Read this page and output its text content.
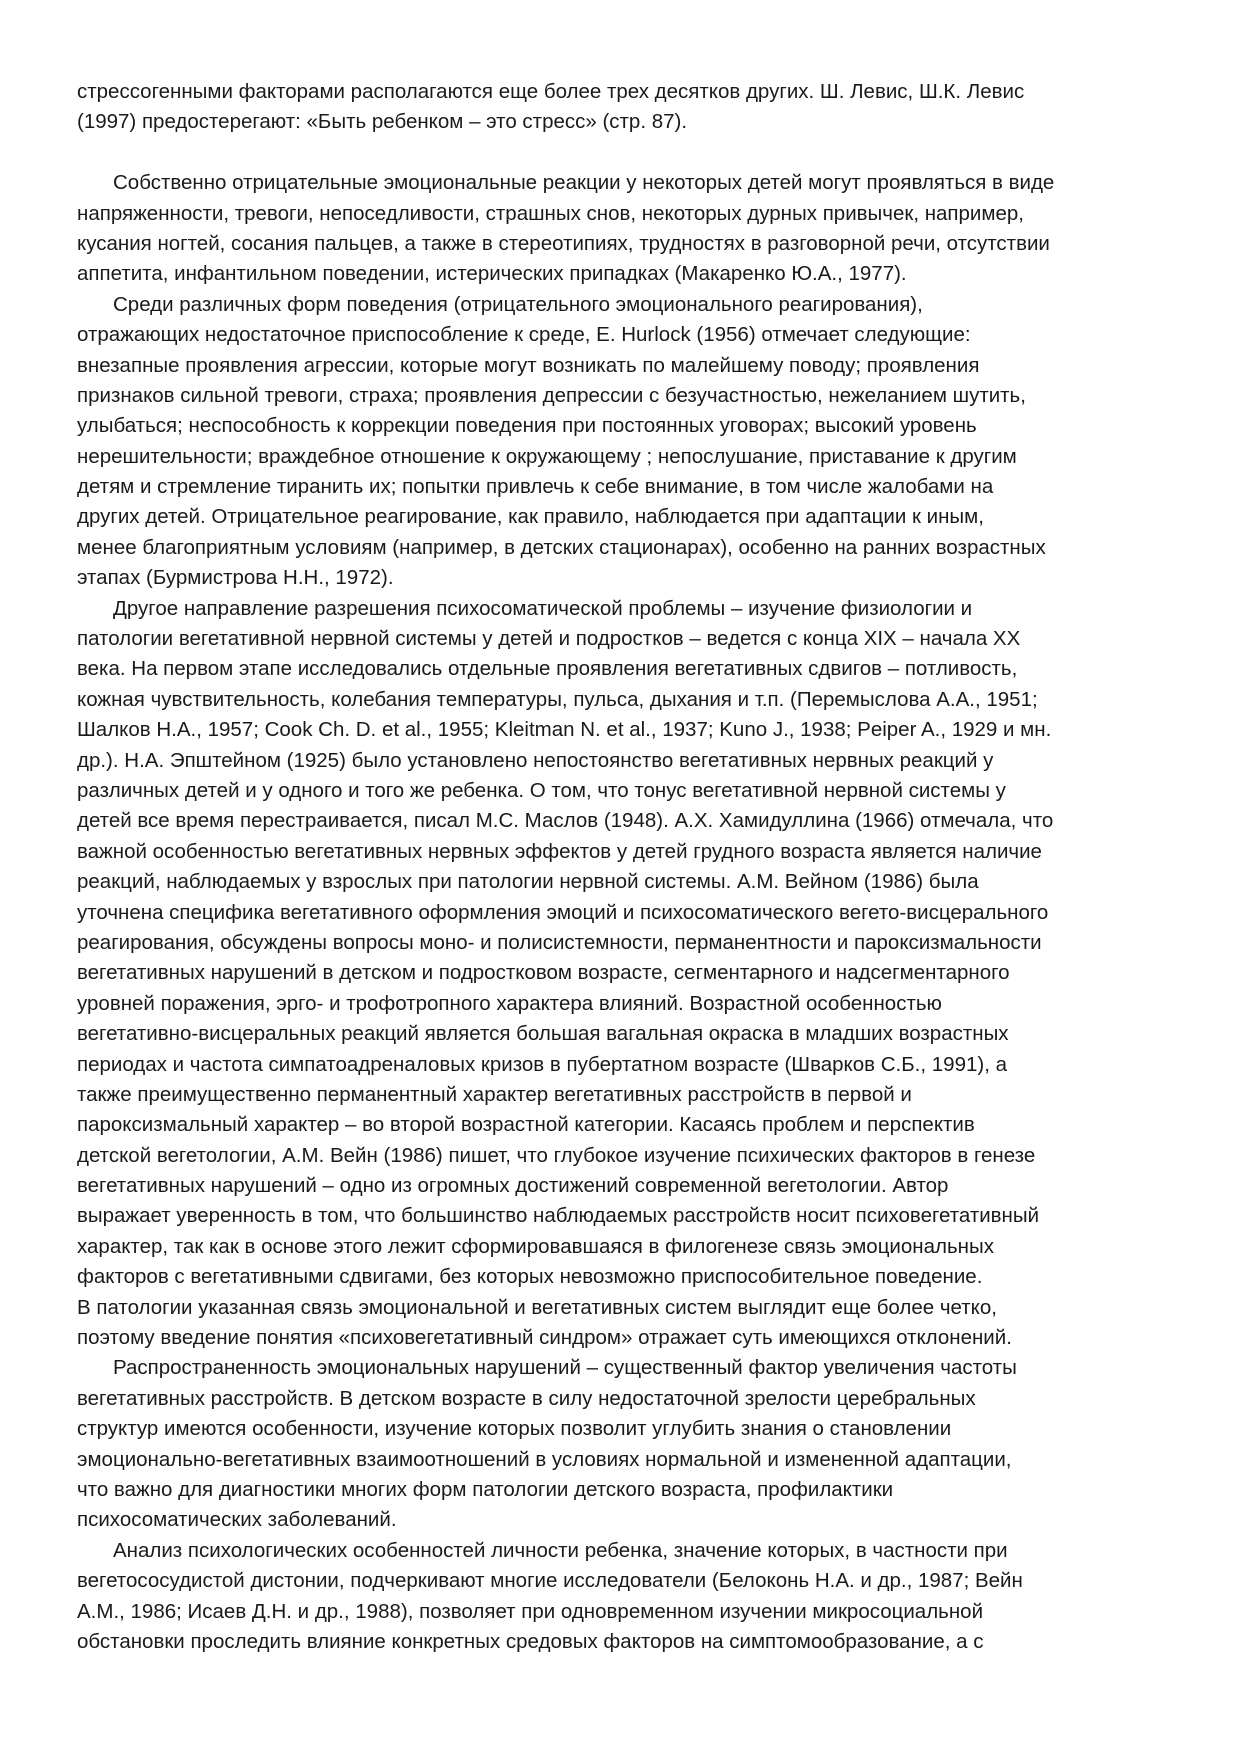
стрессогенными факторами располагаются еще более трех десятков других. Ш. Левис, Ш.К. Левис
(1997) предостерегают: «Быть ребенком – это стресс» (стр. 87).
Собственно отрицательные эмоциональные реакции у некоторых детей могут проявляться в виде
напряженности, тревоги, непоседливости, страшных снов, некоторых дурных привычек, например,
кусания ногтей, сосания пальцев, а также в стереотипиях, трудностях в разговорной речи, отсутствии
аппетита, инфантильном поведении, истерических припадках (Макаренко Ю.А., 1977).
Среди различных форм поведения (отрицательного эмоционального реагирования),
отражающих недостаточное приспособление к среде, E. Hurlock (1956) отмечает следующие:
внезапные проявления агрессии, которые могут возникать по малейшему поводу; проявления
признаков сильной тревоги, страха; проявления депрессии с безучастностью, нежеланием шутить,
улыбаться; неспособность к коррекции поведения при постоянных уговорах; высокий уровень
нерешительности; враждебное отношение к окружающему ; непослушание, приставание к другим
детям и стремление тиранить их; попытки привлечь к себе внимание, в том числе жалобами на
других детей. Отрицательное реагирование, как правило, наблюдается при адаптации к иным,
менее благоприятным условиям (например, в детских стационарах), особенно на ранних возрастных
этапах (Бурмистрова Н.Н., 1972).
Другое направление разрешения психосоматической проблемы – изучение физиологии и
патологии вегетативной нервной системы у детей и подростков – ведется с конца XIX – начала XX
века. На первом этапе исследовались отдельные проявления вегетативных сдвигов – потливость,
кожная чувствительность, колебания температуры, пульса, дыхания и т.п. (Перемыслова А.А., 1951;
Шалков Н.А., 1957; Cook Ch. D. et al., 1955; Kleitman N. et al., 1937; Kuno J., 1938; Peiper A., 1929 и мн.
др.). Н.А. Эпштейном (1925) было установлено непостоянство вегетативных нервных реакций у
различных детей и у одного и того же ребенка. О том, что тонус вегетативной нервной системы у
детей все время перестраивается, писал М.С. Маслов (1948). А.Х. Хамидуллина (1966) отмечала, что
важной особенностью вегетативных нервных эффектов у детей грудного возраста является наличие
реакций, наблюдаемых у взрослых при патологии нервной системы. А.М. Вейном (1986) была
уточнена специфика вегетативного оформления эмоций и психосоматического вегето-висцерального
реагирования, обсуждены вопросы моно- и полисистемности, перманентности и пароксизмальности
вегетативных нарушений в детском и подростковом возрасте, сегментарного и надсегментарного
уровней поражения, эрго- и трофотропного характера влияний. Возрастной особенностью
вегетативно-висцеральных реакций является большая вагальная окраска в младших возрастных
периодах и частота симпатоадреналовых кризов в пубертатном возрасте (Шварков С.Б., 1991), а
также преимущественно перманентный характер вегетативных расстройств в первой и
пароксизмальный характер – во второй возрастной категории. Касаясь проблем и перспектив
детской вегетологии, А.М. Вейн (1986) пишет, что глубокое изучение психических факторов в генезе
вегетативных нарушений – одно из огромных достижений современной вегетологии. Автор
выражает уверенность в том, что большинство наблюдаемых расстройств носит психовегетативный
характер, так как в основе этого лежит сформировавшаяся в филогенезе связь эмоциональных
факторов с вегетативными сдвигами, без которых невозможно приспособительное поведение.
В патологии указанная связь эмоциональной и вегетативных систем выглядит еще более четко,
поэтому введение понятия «психовегетативный синдром» отражает суть имеющихся отклонений.
Распространенность эмоциональных нарушений – существенный фактор увеличения частоты
вегетативных расстройств. В детском возрасте в силу недостаточной зрелости церебральных
структур имеются особенности, изучение которых позволит углубить знания о становлении
эмоционально-вегетативных взаимоотношений в условиях нормальной и измененной адаптации,
что важно для диагностики многих форм патологии детского возраста, профилактики
психосоматических заболеваний.
Анализ психологических особенностей личности ребенка, значение которых, в частности при
вегетососудистой дистонии, подчеркивают многие исследователи (Белоконь Н.А. и др., 1987; Вейн
А.М., 1986; Исаев Д.Н. и др., 1988), позволяет при одновременном изучении микросоциальной
обстановки проследить влияние конкретных средовых факторов на симптомообразование, а с
